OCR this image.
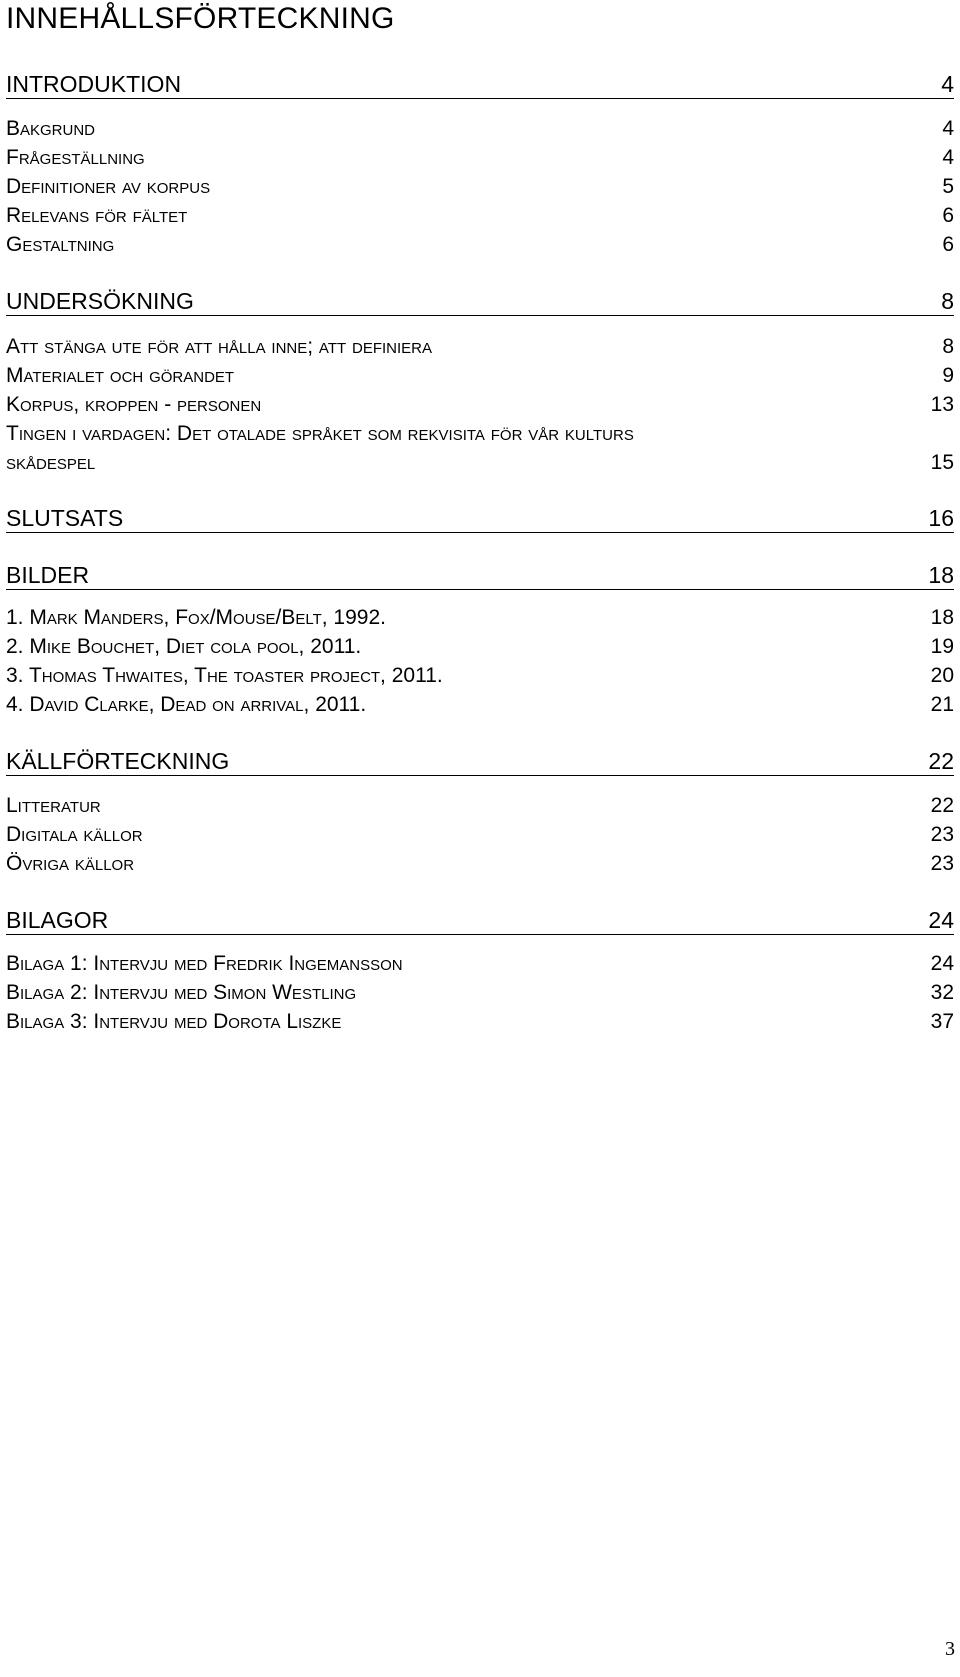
INNEHÅLLSFÖRTECKNING
INTRODUKTION	4
Bakgrund	4
Frågeställning	4
Definitioner av korpus	5
Relevans för fältet	6
Gestaltning	6
UNDERSÖKNING	8
Att stänga ute för att hålla inne; att definiera	8
Materialet och görandet	9
Korpus, kroppen - personen	13
Tingen i vardagen: Det otalade språket som rekvisita för vår kulturs
skådespel	15
SLUTSATS	16
BILDER	18
1. Mark Manders, Fox/Mouse/Belt, 1992.	18
2. Mike Bouchet, Diet cola pool, 2011.	19
3. Thomas Thwaites, The toaster project, 2011.	20
4. David Clarke, Dead on arrival, 2011.	21
KÄLLFÖRTECKNING	22
Litteratur	22
Digitala källor	23
Övriga källor	23
BILAGOR	24
Bilaga 1: Intervju med Fredrik Ingemansson	24
Bilaga 2: Intervju med Simon Westling	32
Bilaga 3: Intervju med Dorota Liszke	37
3
